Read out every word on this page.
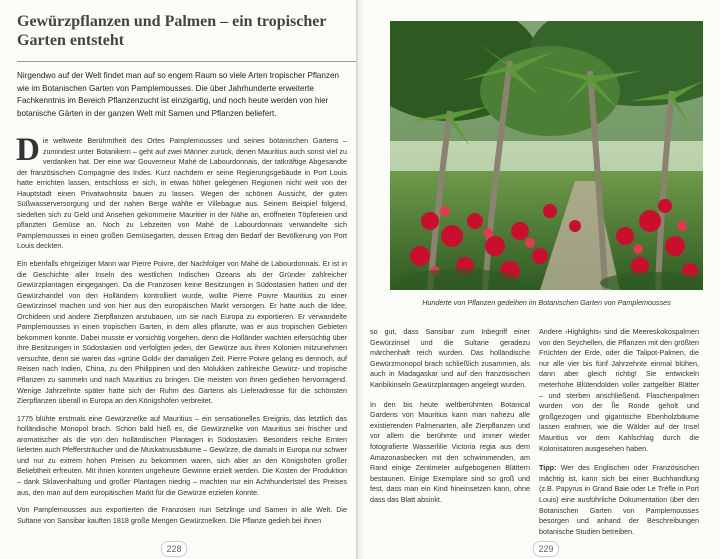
Gewürzpflanzen und Palmen – ein tropischer Garten entsteht

Nirgendwo auf der Welt findet man auf so engem Raum so viele Arten tropischer Pflanzen wie im Botanischen Garten von Pamplemousses. Die über Jahrhunderte erweiterte Fachkenntnis im Bereich Pflanzenzucht ist einzigartig, und noch heute werden von hier botanische Gärten in der ganzen Welt mit Samen und Pflanzen beliefert.

Die weltweite Berühmtheit des Ortes Pamplemousses und seines botanischen Gartens – zumindest unter Botanikern – geht auf zwei Männer zurück, denen Mauritius auch sonst viel zu verdanken hat. Der eine war Gouverneur Mahé de Labourdonnais, der tatkräftige Abgesandte der französischen Compagnie des Indes. Kurz nachdem er seine Regierungsgebäude in Port Louis hatte errichten lassen, entschloss er sich, in etwas höher gelegenen Regionen nicht weit von der Hauptstadt einen Privatwohnsitz bauen zu lassen. Wegen der schönen Aussicht, der guten Süßwasserversorgung und der nahen Berge wählte er Villebague aus. Seinem Beispiel folgend, siedelten sich zu Geld und Ansehen gekommene Mauritier in der Nähe an, eröffneten Töpfereien und pflanzten Gemüse an. Noch zu Lebzeiten von Mahé de Labourdonnais verwandelte sich Pamplemousses in einen großen Gemüsegarten, dessen Ertrag den Bedarf der Bevölkerung von Port Louis deckten.

Ein ebenfalls ehrgeiziger Mann war Pierre Poivre, der Nachfolger von Mahé de Labourdonnais. Er ist in die Geschichte aller Inseln des westlichen Indischen Ozeans als der Gründer zahlreicher Gewürzplantagen eingegangen. Da die Franzosen keine Besitzungen in Südostasien hatten und der Gewürzhandel von den Holländern kontrolliert wurde, wollte Pierre Poivre Mauritius zu einer Gewürzinsel machen und von hier aus den europäischen Markt versorgen. Er hatte auch die Idee, Orchideen und andere Zierpflanzen anzubauen, um sie nach Europa zu exportieren. Er verwandelte Pamplemousses in einen tropischen Garten, in dem alles pflanzte, was er aus tropischen Gebieten bekommen konnte. Dabei musste er vorsichtig vorgehen, denn die Holländer wachten eifersüchtig über ihre Besitzungen in Südostasien und verfolgten jeden, der Gewürze aus ihren Kolonien mitzunehmen versuchte, denn sie waren das »grüne Gold« der damaligen Zeit. Pierre Poivre gelang es dennoch, auf Reisen nach Indien, China, zu den Philippinen und den Molukken zahlreiche Gewürz- und tropische Pflanzen zu sammeln und nach Mauritius zu bringen. Die meisten von ihnen gediehen hervorragend. Wenige Jahrzehnte später hatte sich der Ruhm des Gartens als Lieferadresse für die schönsten Zierpflanzen überall in Europa an den Königshöfen verbreitet.

1775 blühte erstmals eine Gewürznelke auf Mauritius – ein sensationelles Ereignis, das letztlich das holländische Monopol brach. Schon bald hieß es, die Gewürznelke von Mauritius sei frischer und aromatischer als die von den holländischen Plantagen in Südostasien. Besonders reiche Ernten lieferten auch Pfeffersträucher und die Muskatnussbäume – Gewürze, die damals in Europa nur schwer und nur zu extrem hohen Preisen zu bekommen waren, sich aber an den Königshöfen großer Beliebtheit erfreuten. Mit ihnen konnten ungeheure Gewinne erzielt werden. Die Kosten der Produktion – dank Sklavenhaltung und großer Plantagen niedrig – machten nur ein Achthundertstel des Preises aus, den man auf dem europäischen Markt für die Gewürze erzielen konnte.

Von Pamplemousses aus exportierten die Franzosen nun Setzlinge und Samen in alle Welt. Die Sultane von Sansibar kauften 1818 große Mengen Gewürznelken. Die Pflanze gedieh bei ihnen

228

Hunderte von Pflanzen gedeihen im Botanischen Garten von Pamplemousses

so gut, dass Sansibar zum Inbegriff einer Gewürzinsel und die Sultane geradezu märchenhaft reich wurden. Das holländische Gewürzmonopol brach schließlich zusammen, als auch in Madagaskar und auf den französischen Karibikinseln Gewürzplantagen angelegt wurden.

In den bis heute weltberühmten Botanical Gardens von Mauritius kann man nahezu alle existierenden Palmenarten, alle Zierpflanzen und vor allem die berühmte und immer wieder fotografierte Wasserlilie Victoria regia aus dem Amazonasbecken mit den schwimmenden, am Rand einige Zentimeter aufgebogenen Blättern bestaunen. Einige Exemplare sind so groß und fest, dass man ein Kind hineinsetzen kann, ohne dass das Blatt absinkt.

Andere ›Highlights‹ sind die Meereskokospalmen von den Seychellen, die Pflanzen mit den größten Früchten der Erde, oder die Talipot-Palmen, die nur alle vier bis fünf Jahrzehnte einmal blühen, dann aber gleich richtig! Sie entwickeln meterhohe Blütendolden voller zartgelber Blätter – und sterben anschließend. Flaschenpalmen wurden von der Île Ronde geholt und großgezogen und gigantische Ebenholzbäume lassen erahnen, wie die Wälder auf der Insel Mauritius vor dem Kahlschlag durch die Kolonisatoren ausgesehen haben.

Tipp: Wer des Englischen oder Französischen mächtig ist, kann sich bei einer Buchhandlung (z.B. Papyrus in Grand Baie oder Le Trèfle in Port Louis) eine ausführliche Dokumentation über den Botanischen Garten von Pamplemousses besorgen und anhand der Beschreibungen botanische Studien betreiben.

229
